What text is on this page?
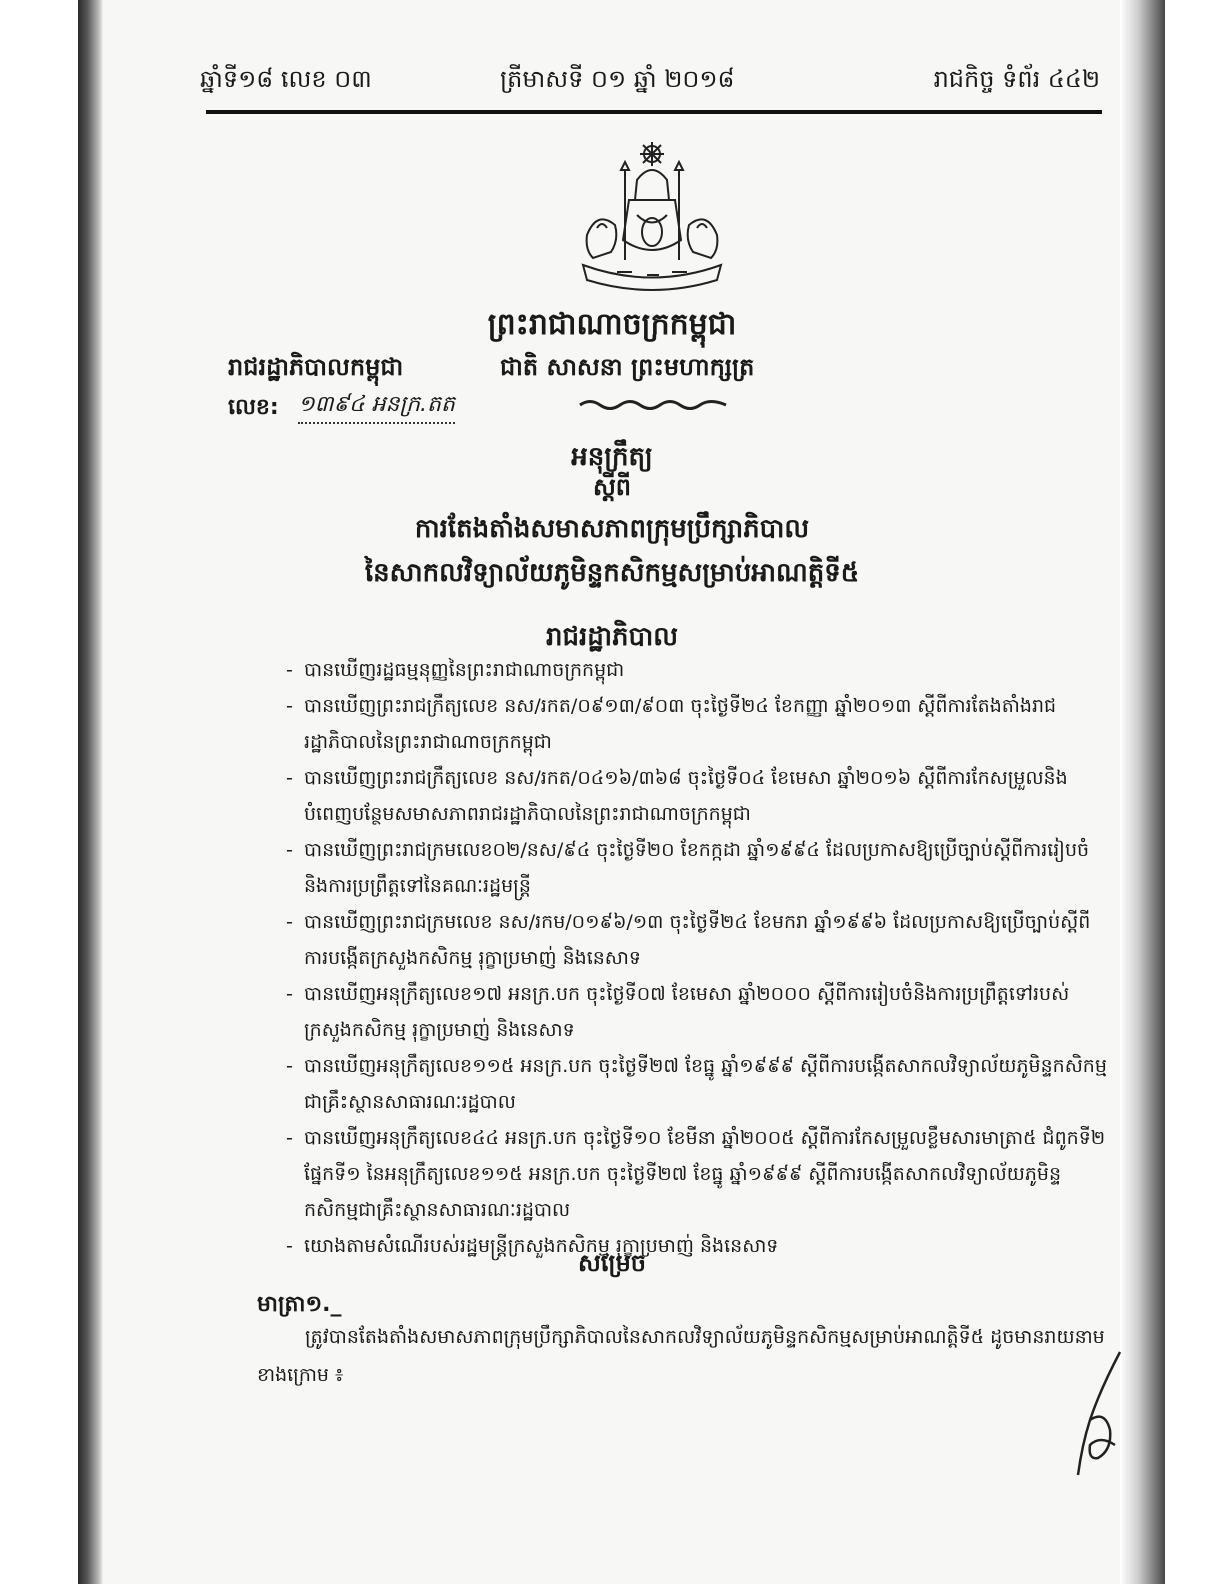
ឆ្នាំទី១៨ លេខ ០៣	ត្រីមាសទី ០១ ឆ្នាំ ២០១៨	រាជកិច្ច ទំព័រ ៤៤២
ព្រះរាជាណាចក្រកម្ពុជា
រាជរដ្ឋាភិបាលកម្ពុជា	ជាតិ សាសនា ព្រះមហាក្សត្រ
លេខ: ១៣៩៤ អនក្រ.តត
អនុក្រឹត្យ
ស្តីពី
ការតែងតាំងសមាសភាពក្រុមប្រឹក្សាភិបាល
នៃសាកលវិទ្យាល័យភូមិន្ទកសិកម្មសម្រាប់អាណត្តិទី៥
រាជរដ្ឋាភិបាល
- បានឃើញរដ្ឋធម្មនុញ្ញនៃព្រះរាជាណាចក្រកម្ពុជា
- បានឃើញព្រះរាជក្រឹត្យលេខ នស/រកត/០៩១៣/៩០៣ ចុះថ្ងៃទី២៤ ខែកញ្ញា ឆ្នាំ២០១៣ ស្តីពីការតែងតាំងរាជរដ្ឋាភិបាលនៃព្រះរាជាណាចក្រកម្ពុជា
- បានឃើញព្រះរាជក្រឹត្យលេខ នស/រកត/០៤១៦/៣៦៨ ចុះថ្ងៃទី០៤ ខែមេសា ឆ្នាំ២០១៦ ស្តីពីការកែសម្រួលនិងបំពេញបន្ថែមសមាសភាពរាជរដ្ឋាភិបាលនៃព្រះរាជាណាចក្រកម្ពុជា
- បានឃើញព្រះរាជក្រមលេខ០២/នស/៩៤ ចុះថ្ងៃទី២០ ខែកក្កដា ឆ្នាំ១៩៩៤ ដែលប្រកាសឱ្យប្រើច្បាប់ស្តីពីការរៀបចំនិងការប្រព្រឹត្តទៅនៃគណៈរដ្ឋមន្ត្រី
- បានឃើញព្រះរាជក្រមលេខ នស/រកម/០១៩៦/១៣ ចុះថ្ងៃទី២៤ ខែមករា ឆ្នាំ១៩៩៦ ដែលប្រកាសឱ្យប្រើច្បាប់ស្តីពីការបង្កើតក្រសួងកសិកម្ម រុក្ខាប្រមាញ់ និងនេសាទ
- បានឃើញអនុក្រឹត្យលេខ១៧ អនក្រ.បក ចុះថ្ងៃទី០៧ ខែមេសា ឆ្នាំ២០០០ ស្តីពីការរៀបចំនិងការប្រព្រឹត្តទៅរបស់ក្រសួងកសិកម្ម រុក្ខាប្រមាញ់ និងនេសាទ
- បានឃើញអនុក្រឹត្យលេខ១១៥ អនក្រ.បក ចុះថ្ងៃទី២៧ ខែធ្នូ ឆ្នាំ១៩៩៩ ស្តីពីការបង្កើតសាកលវិទ្យាល័យភូមិន្ទកសិកម្មជាគ្រឹះស្ថានសាធារណៈរដ្ឋបាល
- បានឃើញអនុក្រឹត្យលេខ៤៤ អនក្រ.បក ចុះថ្ងៃទី១០ ខែមីនា ឆ្នាំ២០០៥ ស្តីពីការកែសម្រួលខ្លឹមសារមាត្រា៥ ជំពូកទី២ ផ្នែកទី១ នៃអនុក្រឹត្យលេខ១១៥ អនក្រ.បក ចុះថ្ងៃទី២៧ ខែធ្នូ ឆ្នាំ១៩៩៩ ស្តីពីការបង្កើតសាកលវិទ្យាល័យភូមិន្ទកសិកម្មជាគ្រឹះស្ថានសាធារណៈរដ្ឋបាល
- យោងតាមសំណើរបស់រដ្ឋមន្ត្រីក្រសួងកសិកម្ម រុក្ខាប្រមាញ់ និងនេសាទ
សម្រេច
មាត្រា១._
ត្រូវបានតែងតាំងសមាសភាពក្រុមប្រឹក្សាភិបាលនៃសាកលវិទ្យាល័យភូមិន្ទកសិកម្មសម្រាប់អាណត្តិទី៥ ដូចមានរាយនាមខាងក្រោម ៖
